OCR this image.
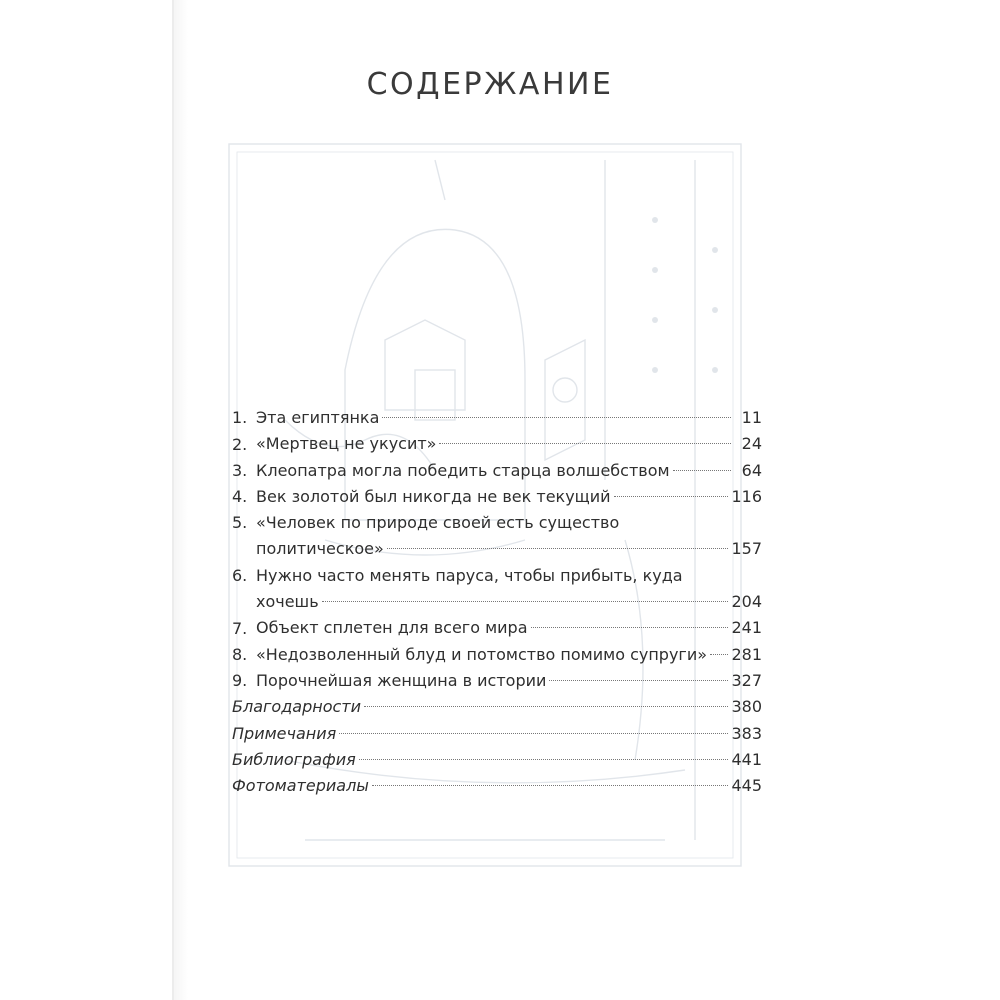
СОДЕРЖАНИЕ
1. Эта египтянка	11
2. «Мертвец не укусит»	24
3. Клеопатра могла победить старца волшебством	64
4. Век золотой был никогда не век текущий	116
5. «Человек по природе своей есть существо
политическое»	157
6. Нужно часто менять паруса, чтобы прибыть, куда
хочешь	204
7. Объект сплетен для всего мира	241
8. «Недозволенный блуд и потомство помимо супруги» 281
9. Порочнейшая женщина в истории	327
Благодарности	380
Примечания	383
Библиография	441
Фотоматериалы	445
